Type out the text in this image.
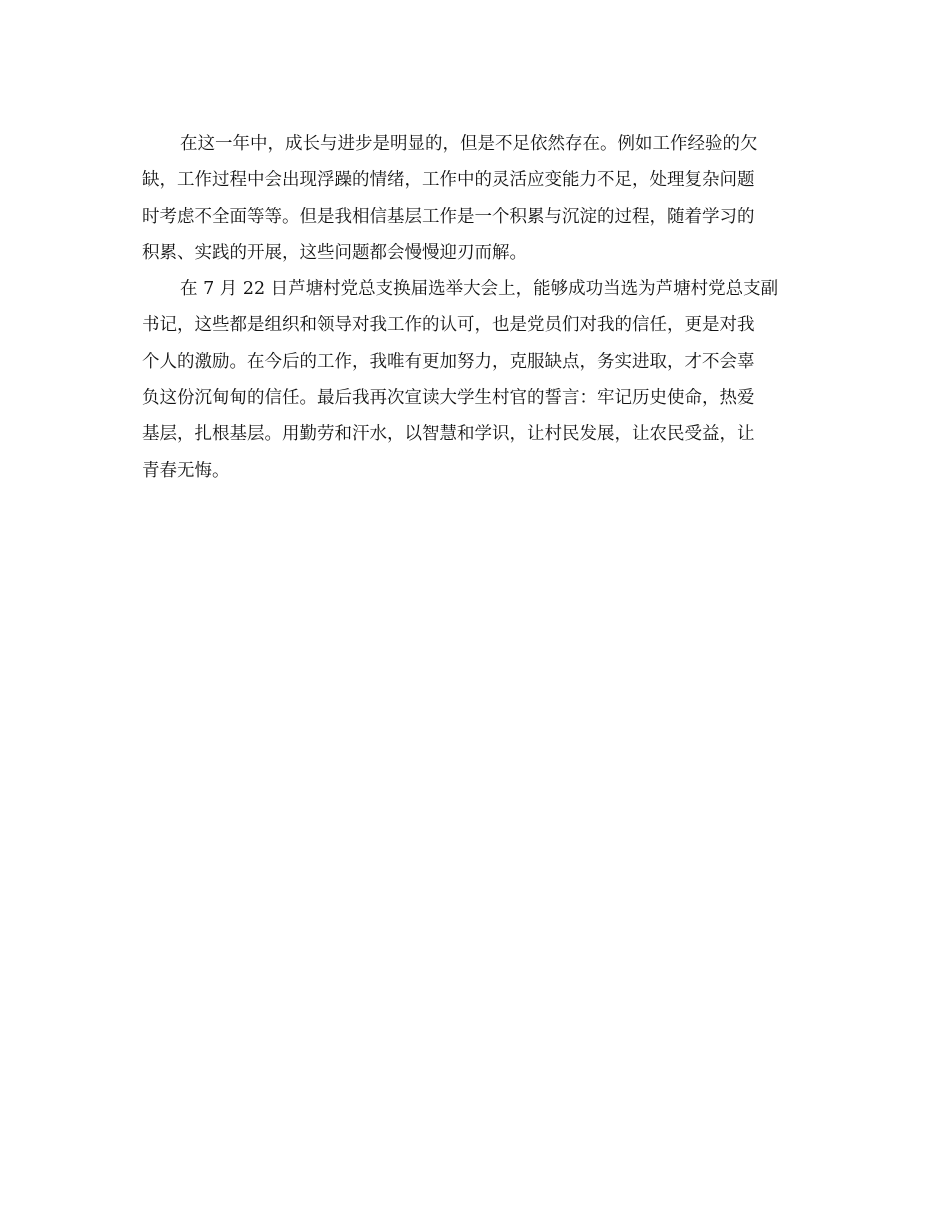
在这一年中，成长与进步是明显的，但是不足依然存在。例如工作经验的欠
缺，工作过程中会出现浮躁的情绪，工作中的灵活应变能力不足，处理复杂问题
时考虑不全面等等。但是我相信基层工作是一个积累与沉淀的过程，随着学习的
积累、实践的开展，这些问题都会慢慢迎刃而解。
在 7 月 22 日芦塘村党总支换届选举大会上，能够成功当选为芦塘村党总支副
书记，这些都是组织和领导对我工作的认可，也是党员们对我的信任，更是对我
个人的激励。在今后的工作，我唯有更加努力，克服缺点，务实进取，才不会辜
负这份沉甸甸的信任。最后我再次宣读大学生村官的誓言：牢记历史使命，热爱
基层，扎根基层。用勤劳和汗水，以智慧和学识，让村民发展，让农民受益，让
青春无悔。
